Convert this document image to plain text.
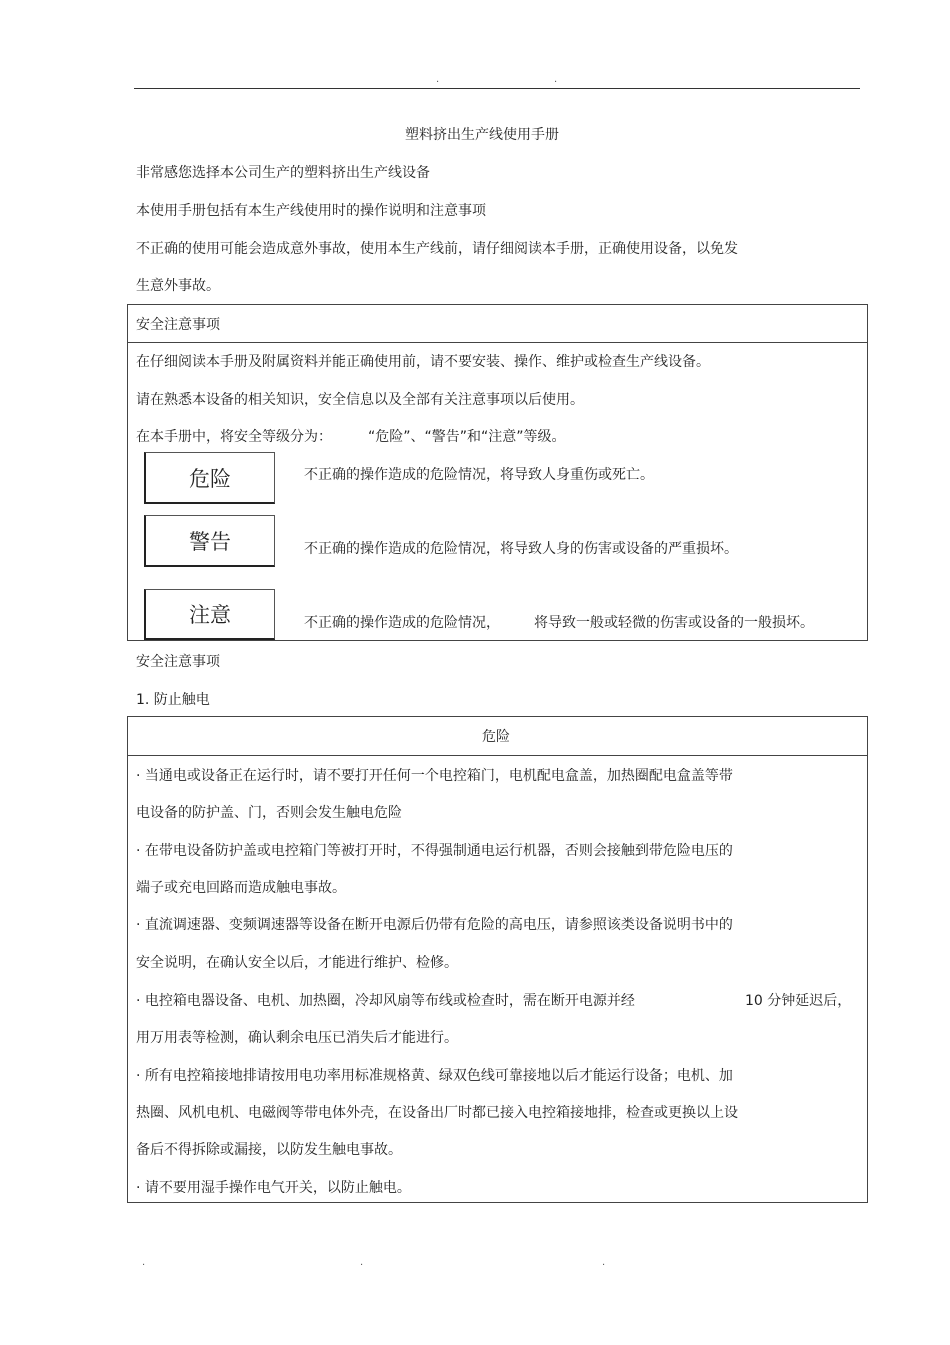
.	.
塑料挤出生产线使用手册
非常感您选择本公司生产的塑料挤出生产线设备
本使用手册包括有本生产线使用时的操作说明和注意事项
不正确的使用可能会造成意外事故，使用本生产线前，请仔细阅读本手册，正确使用设备，以免发
生意外事故。
安全注意事项
在仔细阅读本手册及附属资料并能正确使用前，请不要安装、操作、维护或检查生产线设备。
请在熟悉本设备的相关知识，安全信息以及全部有关注意事项以后使用。
在本手册中，将安全等级分为：	“危险”、“警告”和“注意”等级。
危险	不正确的操作造成的危险情况，将导致人身重伤或死亡。
警告	不正确的操作造成的危险情况，将导致人身的伤害或设备的严重损坏。
注意	不正确的操作造成的危险情况， 将导致一般或轻微的伤害或设备的一般损坏。
安全注意事项
1. 防止触电
危险
· 当通电或设备正在运行时，请不要打开任何一个电控箱门，电机配电盒盖，加热圈配电盒盖等带
电设备的防护盖、门，否则会发生触电危险
· 在带电设备防护盖或电控箱门等被打开时，不得强制通电运行机器，否则会接触到带危险电压的
端子或充电回路而造成触电事故。
· 直流调速器、变频调速器等设备在断开电源后仍带有危险的高电压，请参照该类设备说明书中的
安全说明，在确认安全以后，才能进行维护、检修。
· 电控箱电器设备、电机、加热圈，冷却风扇等布线或检查时，需在断开电源并经	10 分钟延迟后，
用万用表等检测，确认剩余电压已消失后才能进行。
· 所有电控箱接地排请按用电功率用标准规格黄、绿双色线可靠接地以后才能运行设备；电机、加
热圈、风机电机、电磁阀等带电体外壳，在设备出厂时都已接入电控箱接地排，检查或更换以上设
备后不得拆除或漏接，以防发生触电事故。
· 请不要用湿手操作电气开关，以防止触电。
.	.	.
